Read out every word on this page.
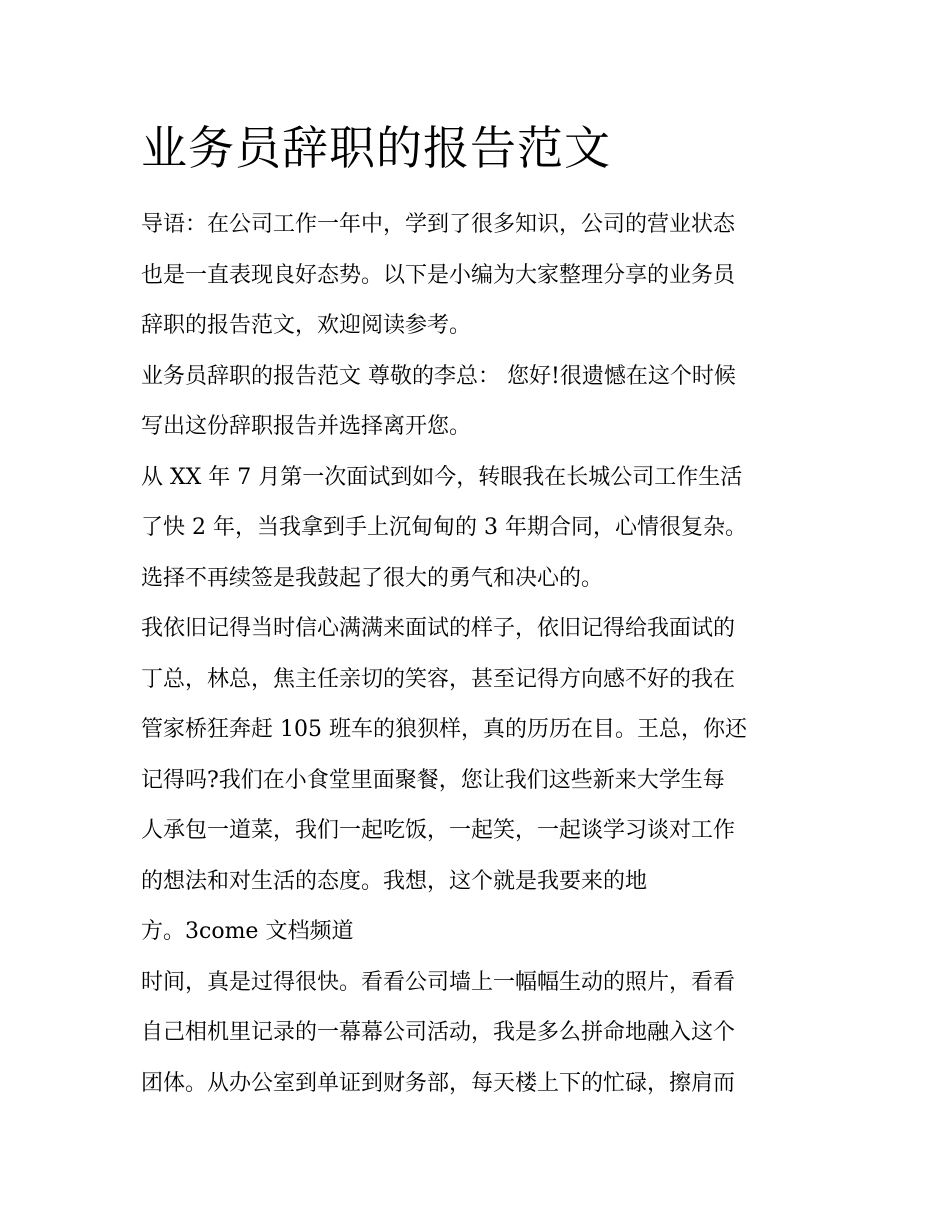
业务员辞职的报告范文
导语：在公司工作一年中，学到了很多知识，公司的营业状态
也是一直表现良好态势。以下是小编为大家整理分享的业务员
辞职的报告范文，欢迎阅读参考。
业务员辞职的报告范文 尊敬的李总： 您好!很遗憾在这个时候
写出这份辞职报告并选择离开您。
从 XX 年 7 月第一次面试到如今，转眼我在长城公司工作生活
了快 2 年，当我拿到手上沉甸甸的 3 年期合同，心情很复杂。
选择不再续签是我鼓起了很大的勇气和决心的。
我依旧记得当时信心满满来面试的样子，依旧记得给我面试的
丁总，林总，焦主任亲切的笑容，甚至记得方向感不好的我在
管家桥狂奔赶 105 班车的狼狈样，真的历历在目。王总，你还
记得吗?我们在小食堂里面聚餐，您让我们这些新来大学生每
人承包一道菜，我们一起吃饭，一起笑，一起谈学习谈对工作
的想法和对生活的态度。我想，这个就是我要来的地
方。3come 文档频道
时间，真是过得很快。看看公司墙上一幅幅生动的照片，看看
自己相机里记录的一幕幕公司活动，我是多么拼命地融入这个
团体。从办公室到单证到财务部，每天楼上下的忙碌，擦肩而
